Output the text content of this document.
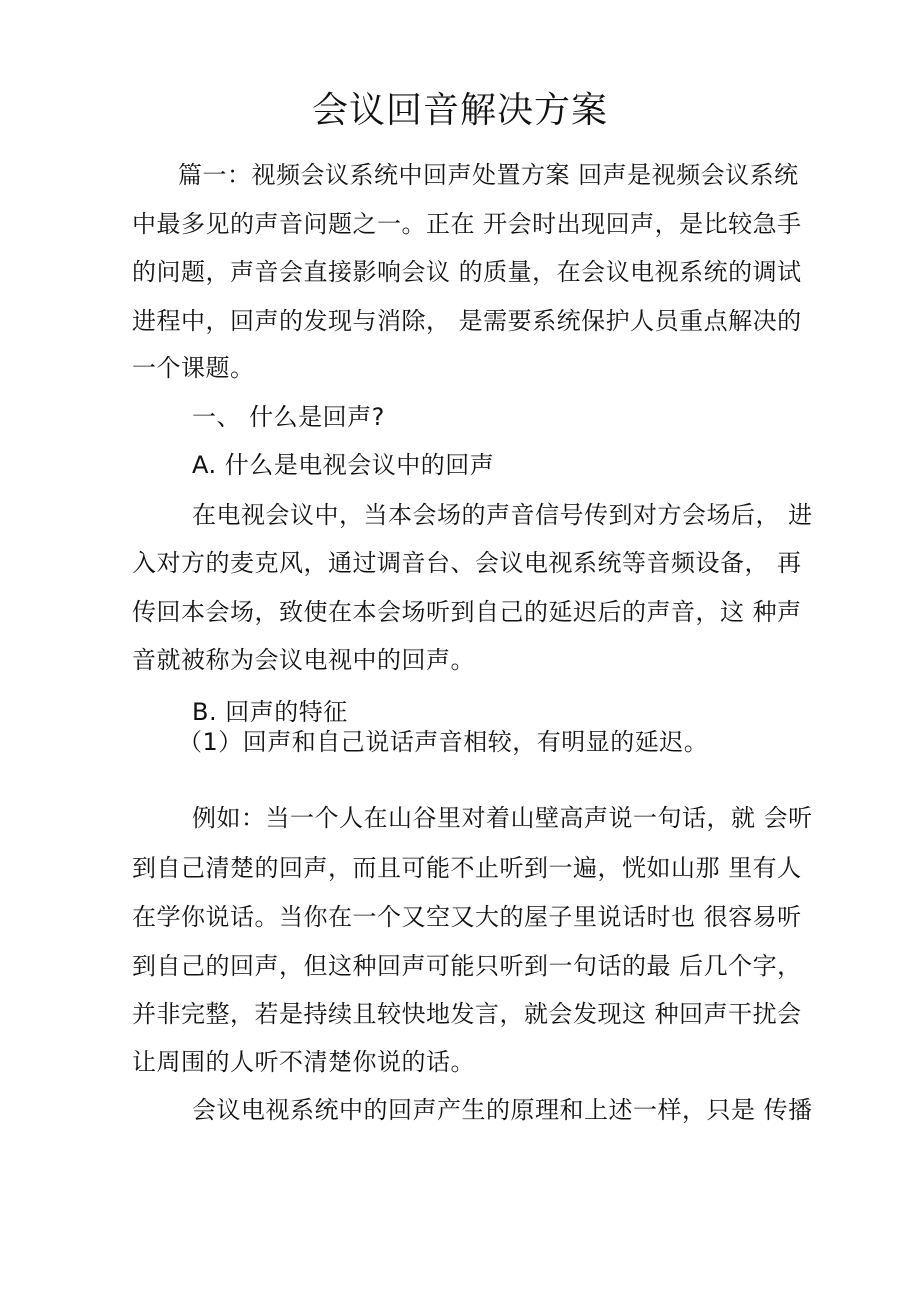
会议回音解决方案
篇一：视频会议系统中回声处置方案 回声是视频会议系统
中最多见的声音问题之一。正在 开会时出现回声，是比较急手
的问题，声音会直接影响会议 的质量，在会议电视系统的调试
进程中，回声的发现与消除， 是需要系统保护人员重点解决的
一个课题。
一、 什么是回声?
A. 什么是电视会议中的回声
在电视会议中，当本会场的声音信号传到对方会场后， 进
入对方的麦克风，通过调音台、会议电视系统等音频设备， 再
传回本会场，致使在本会场听到自己的延迟后的声音，这 种声
音就被称为会议电视中的回声。
B. 回声的特征
（1）回声和自己说话声音相较，有明显的延迟。
例如：当一个人在山谷里对着山壁高声说一句话，就 会听
到自己清楚的回声，而且可能不止听到一遍，恍如山那 里有人
在学你说话。当你在一个又空又大的屋子里说话时也 很容易听
到自己的回声，但这种回声可能只听到一句话的最 后几个字，
并非完整，若是持续且较快地发言，就会发现这 种回声干扰会
让周围的人听不清楚你说的话。
会议电视系统中的回声产生的原理和上述一样，只是 传播
